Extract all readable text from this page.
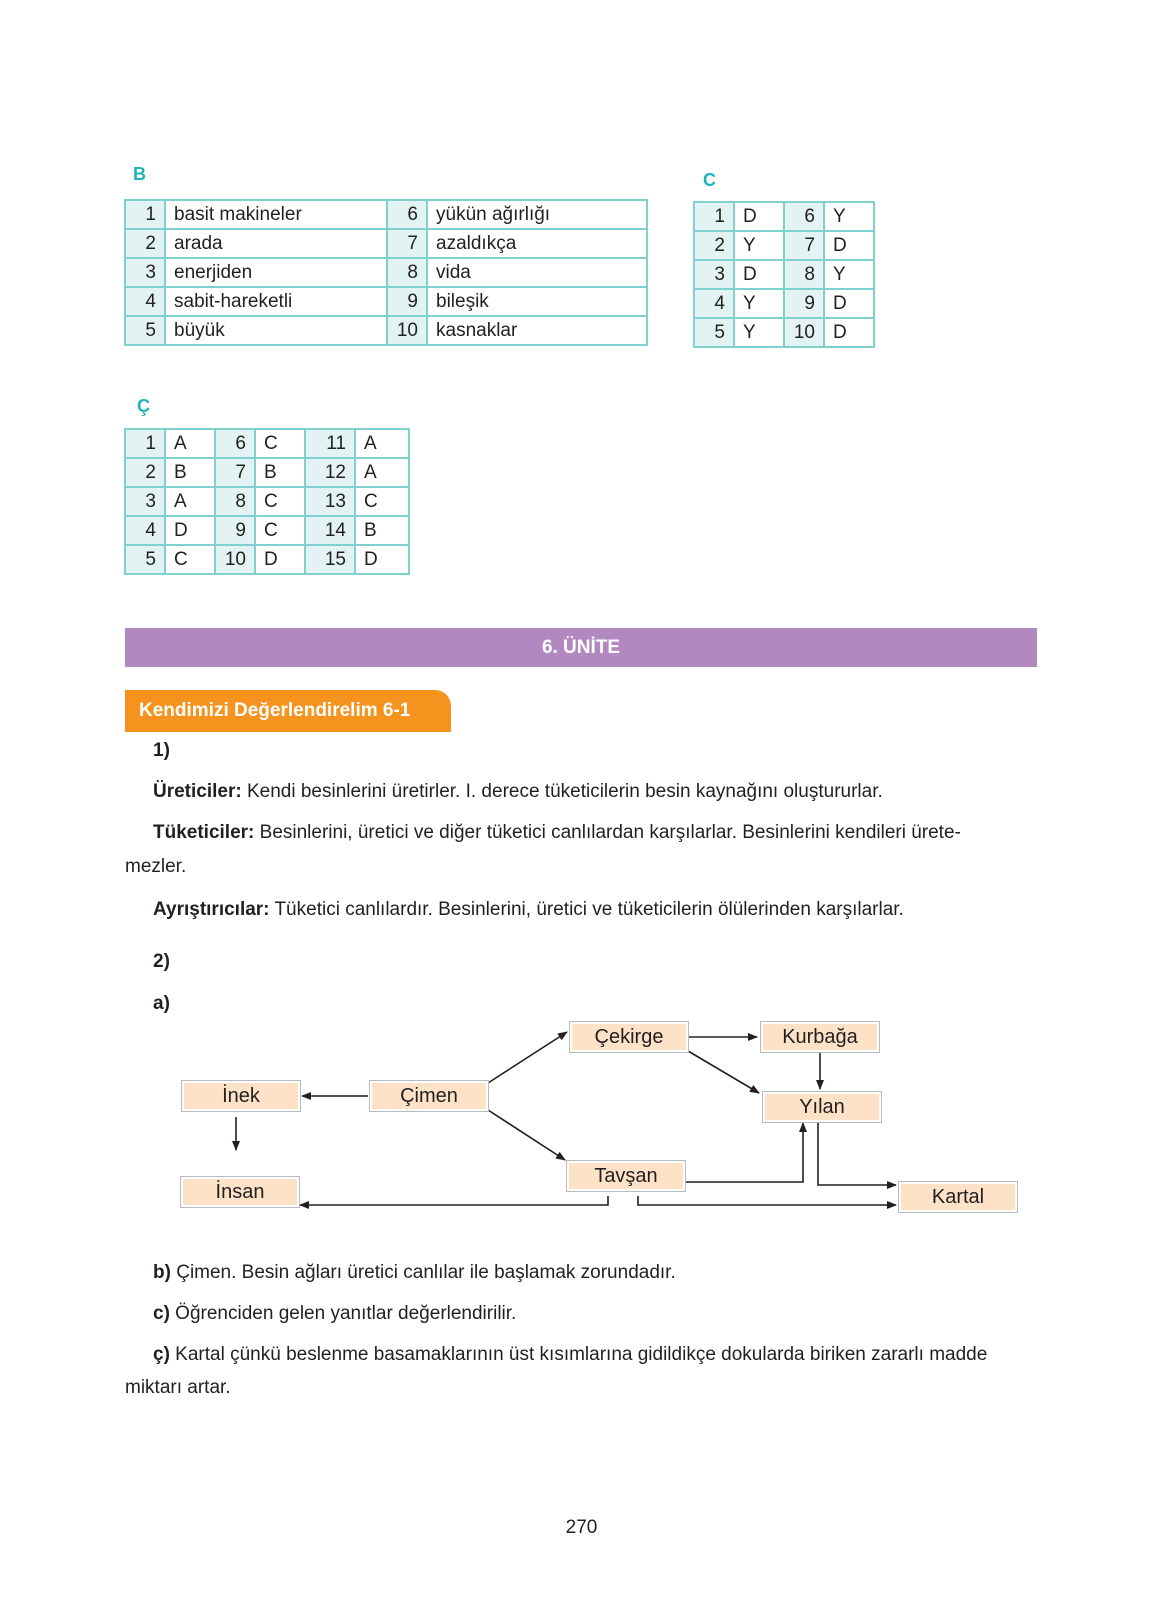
B
1	basit makineler	6	yükün ağırlığı
2	arada	7	azaldıkça
3	enerjiden	8	vida
4	sabit-hareketli	9	bileşik
5	büyük	10	kasnaklar
C
1	D	6	Y
2	Y	7	D
3	D	8	Y
4	Y	9	D
5	Y	10	D
Ç
1	A	6	C	11	A
2	B	7	B	12	A
3	A	8	C	13	C
4	D	9	C	14	B
5	C	10	D	15	D
6. ÜNİTE
Kendimizi Değerlendirelim 6-1
1)
Üreticiler: Kendi besinlerini üretirler. I. derece tüketicilerin besin kaynağını oluştururlar.
Tüketiciler: Besinlerini, üretici ve diğer tüketici canlılardan karşılarlar. Besinlerini kendileri ürete-
mezler.
Ayrıştırıcılar: Tüketici canlılardır. Besinlerini, üretici ve tüketicilerin ölülerinden karşılarlar.
2)
a)
İnek	Çimen
Çekirge	Kurbağa
Yılan
İnsan
Tavşan
Kartal
b) Çimen. Besin ağları üretici canlılar ile başlamak zorundadır.
c) Öğrenciden gelen yanıtlar değerlendirilir.
ç) Kartal çünkü beslenme basamaklarının üst kısımlarına gidildikçe dokularda biriken zararlı madde
miktarı artar.
270
